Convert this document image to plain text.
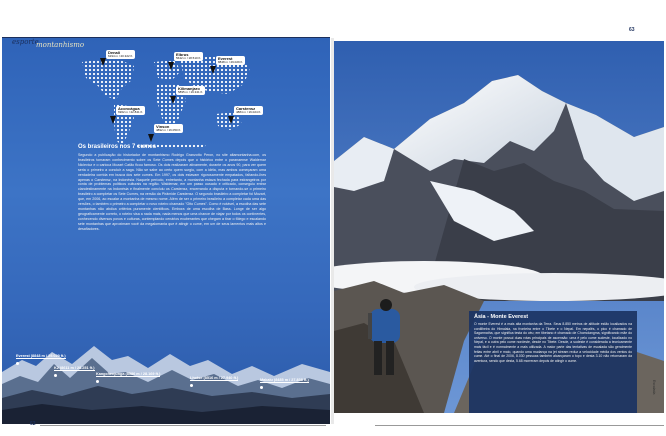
esporte
montanhismo
Denali
6194 m / 20.322 ft.	Elbrus
5642 m / 18.510 ft.	Everest
8848 m / 29.029 ft.
Kilimanjaro
5895 m / 19.341 ft.
Aconcágua
6962 m / 22.841 ft.
Carstensz
4884 m / 16.024 ft.
Vinson
4892 m / 16.050 ft.
Os brasileiros nos 7 cumes
Segundo a publicação do historiador de montanhismo Rodrigo Granzotto Peron, no site altamontanha.com, os brasileiros tomaram conhecimento sobre os Sete Cumes depois que o histórico entre o paranaense Waldemar Niclevicz e o carioca Mozart Catão ficou famoso. Os dois realizaram ativamente, durante os anos 90, para ver quem seria o primeiro a concluir a saga. Não se sabe ao certo quem surgiu, com a idéia, mas ambos começaram uma verdadeira corrida em busca dos sete cumes. Em 1997, os dois estavam rigorosamente empatados, faltando-lhes apenas o Carstensz, na Indonésia. Naquele período, entretanto, a montanha estava fechada para estrangeiros por conta de problemas políticos culturais na região. Waldemar, em um passo ousado e criticado, conseguiu entrar clandestinamente na Indonésia e finalmente concluiu os Carstensz, encerrando a disputa e tornando-se o primeiro brasileiro a completar os Sete Cumes, na versão da Pirâmide Carstensz. O segundo brasileiro a completar foi Mozart, que, em 2006, ao escalar a montanha de mesmo nome. Além de ser o primeiro brasileiro a completar cada uma das versões, o também o primeiro a completar o novo roteiro chamado "Oito Cumes". Como é notável, a escolha das sete montanhas não abdica critérios puramente científicos. Embora de uma escolha de Bass. Longe de ser algo geograficamente correto, o roteiro visa a nada mais, nada menos que uma chance de viajar por todos os continentes, conhecendo diversos povos e culturas, contemplando cenários exuberantes que chegam a tirar o fôlego e escalando sete montanhas que aproximam você da megalomania que é atingir o cume, em um de seus lamentos mais altos e desafiadores.
Everest (8848 m / 29.029 ft.)
K2 (8611 m / 28.251 ft.)
Kangchenjunga (8586 m / 28.169 ft.)
Lhotse (8516 m / 27.940 ft.)	Makalu (8485 m / 27.838 ft.)
62
Ásia - Monte Everest
O monte Everest é a mais alta montanha da Terra. Seus 8.850 metros de altitude estão localizados na cordilheira do Himalaia, na fronteira entre o Tibete e o Nepal. Em nepalês, o pico é chamado de Sagarmatha, que significa testa do céu; em tibetano é chamado de Chomolangma, significando mãe do universo. O monte possui duas rotas principais de ascensão: uma é pelo cume sudeste, localizado no Nepal, e a outra pelo cume nordeste, desde no Tibete. Desde, a sudeste é considerada a tecnicamente mais fácil e é normalmente a mais utilizada. A maior parte das tentativas de escalada são geralmente feitas entre abril e maio, quando uma mudança na jet stream reduz a velocidade média dos ventos do cume. Até o final de 2006, 8.030 pessoas também alcançaram o topo e desta 3.10 não retornaram da aventura, sendo que desta, 5.68 morreram depois de atingir o cume.
63
Escalada
